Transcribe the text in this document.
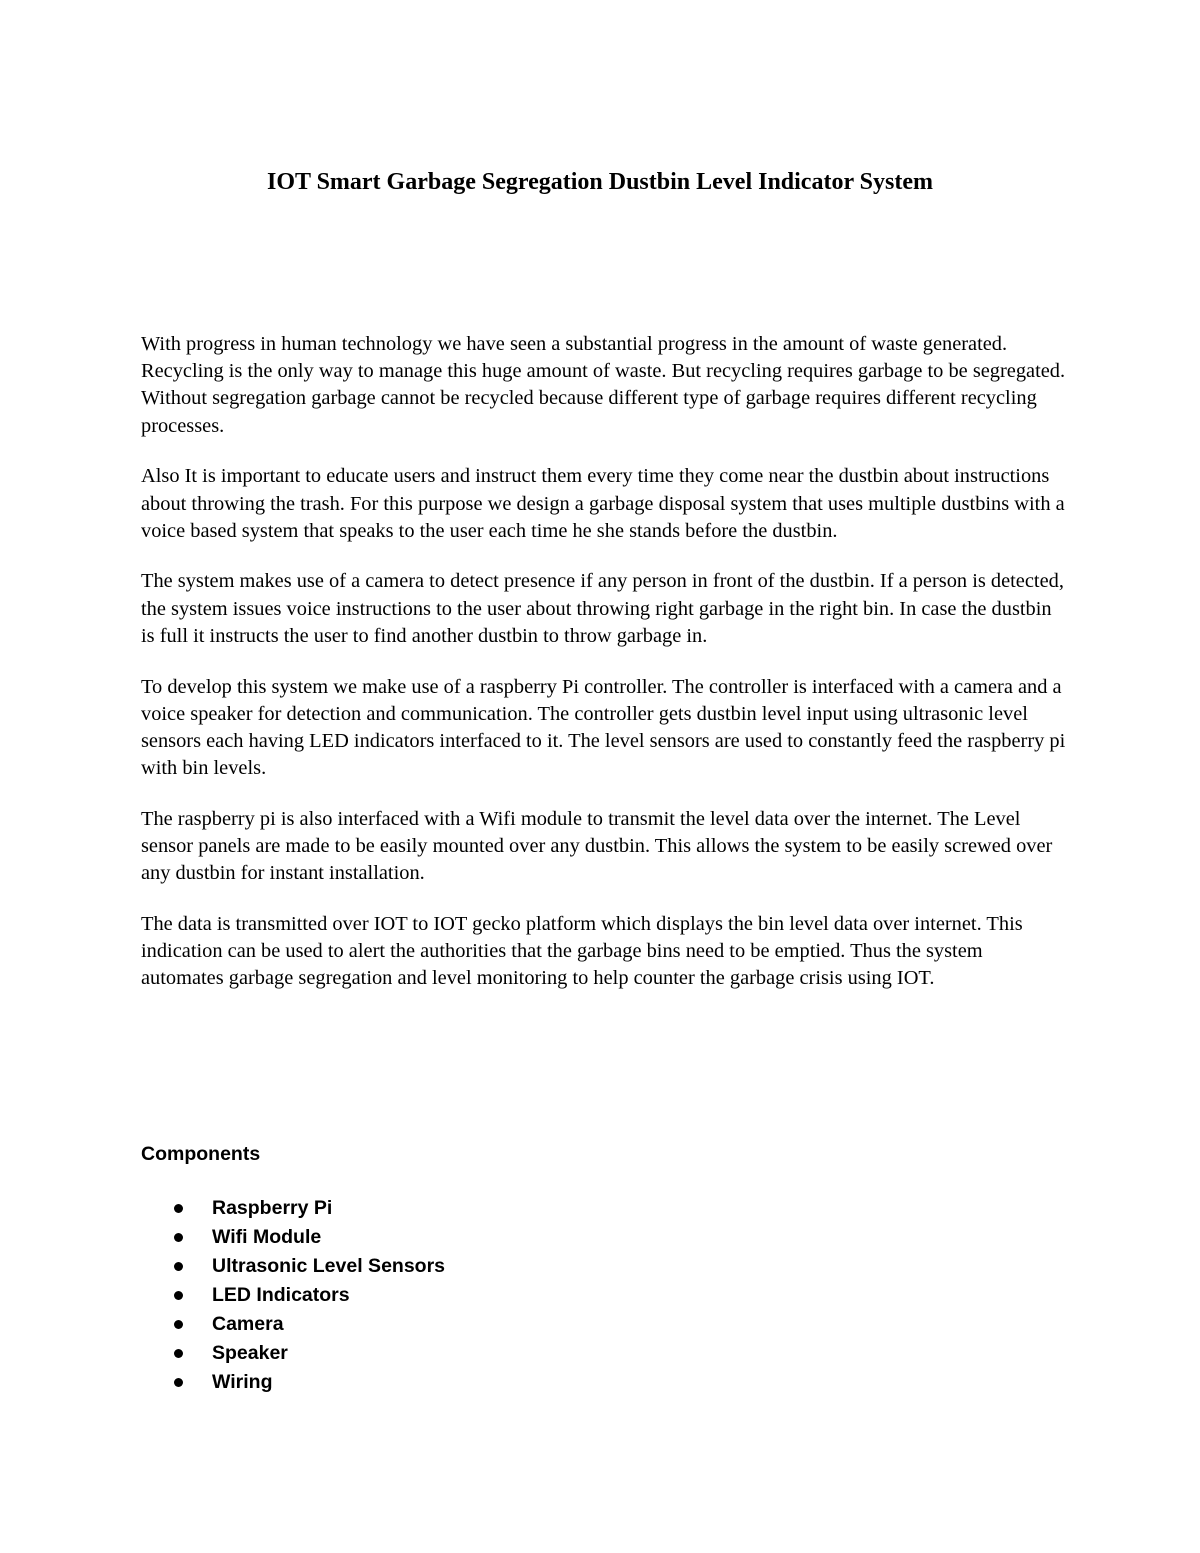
IOT Smart Garbage Segregation Dustbin Level Indicator System

With progress in human technology we have seen a substantial progress in the amount of waste generated. Recycling is the only way to manage this huge amount of waste. But recycling requires garbage to be segregated. Without segregation garbage cannot be recycled because different type of garbage requires different recycling processes.

Also It is important to educate users and instruct them every time they come near the dustbin about instructions about throwing the trash. For this purpose we design a garbage disposal system that uses multiple dustbins with a voice based system that speaks to the user each time he she stands before the dustbin.

The system makes use of a camera to detect presence if any person in front of the dustbin. If a person is detected, the system issues voice instructions to the user about throwing right garbage in the right bin. In case the dustbin is full it instructs the user to find another dustbin to throw garbage in.

To develop this system we make use of a raspberry Pi controller. The controller is interfaced with a camera and a voice speaker for detection and communication. The controller gets dustbin level input using ultrasonic level sensors each having LED indicators interfaced to it. The level sensors are used to constantly feed the raspberry pi with bin levels.

The raspberry pi is also interfaced with a Wifi module to transmit the level data over the internet. The Level sensor panels are made to be easily mounted over any dustbin. This allows the system to be easily screwed over any dustbin for instant installation.

The data is transmitted over IOT to IOT gecko platform which displays the bin level data over internet. This indication can be used to alert the authorities that the garbage bins need to be emptied. Thus the system automates garbage segregation and level monitoring to help counter the garbage crisis using IOT.

Components
Raspberry Pi
Wifi Module
Ultrasonic Level Sensors
LED Indicators
Camera
Speaker
Wiring
